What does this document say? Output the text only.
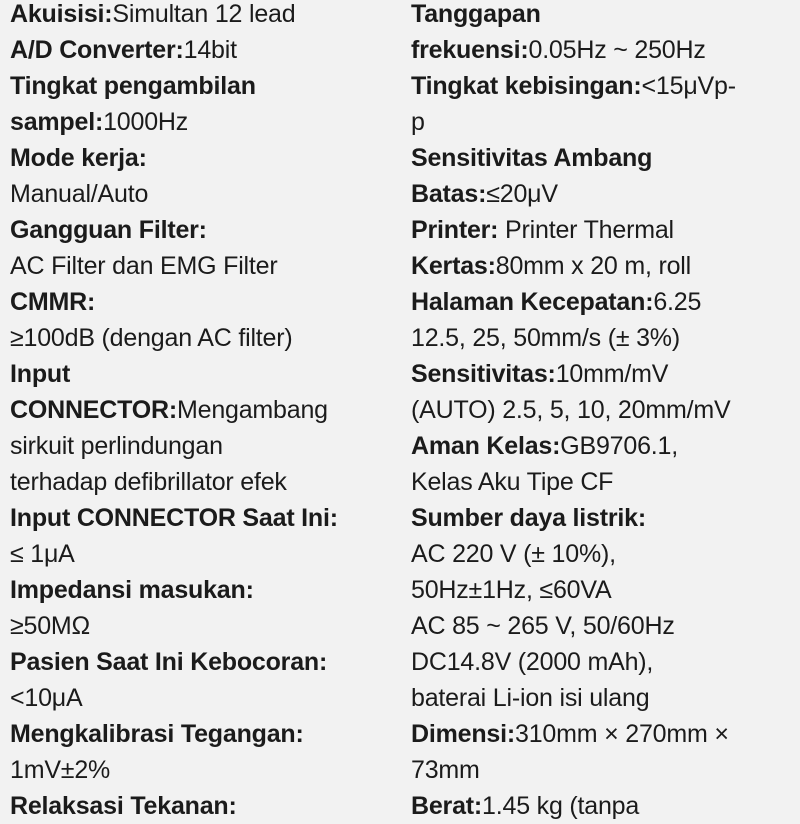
Akuisisi:Simultan 12 lead
A/D Converter:14bit
Tingkat pengambilan
sampel:1000Hz
Mode kerja:
Manual/Auto
Gangguan Filter:
AC Filter dan EMG Filter
CMMR:
≥100dB (dengan AC filter)
Input
CONNECTOR:Mengambang
sirkuit perlindungan
terhadap defibrillator efek
Input CONNECTOR Saat Ini:
≤ 1μA
Impedansi masukan:
≥50MΩ
Pasien Saat Ini Kebocoran:
<10μA
Mengkalibrasi Tegangan:
1mV±2%
Relaksasi Tekanan:
Tanggapan
frekuensi:0.05Hz ~ 250Hz
Tingkat kebisingan:<15μVp-
p
Sensitivitas Ambang
Batas:≤20μV
Printer: Printer Thermal
Kertas:80mm x 20 m, roll
Halaman Kecepatan:6.25
12.5, 25, 50mm/s (± 3%)
Sensitivitas:10mm/mV
(AUTO) 2.5, 5, 10, 20mm/mV
Aman Kelas:GB9706.1,
Kelas Aku Tipe CF
Sumber daya listrik:
AC 220 V (± 10%),
50Hz±1Hz, ≤60VA
AC 85 ~ 265 V, 50/60Hz
DC14.8V (2000 mAh),
baterai Li-ion isi ulang
Dimensi:310mm × 270mm ×
73mm
Berat:1.45 kg (tanpa
